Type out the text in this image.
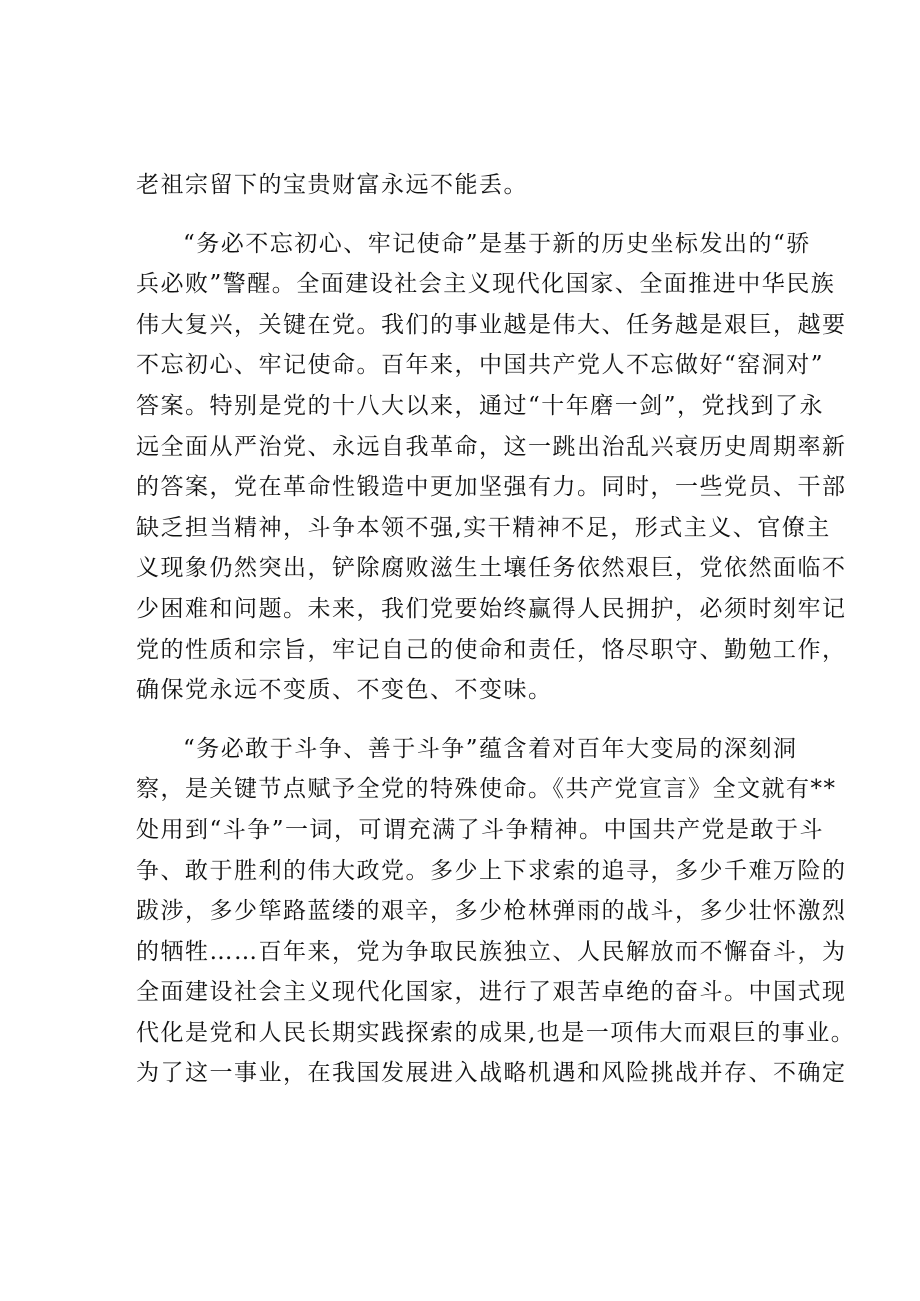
老祖宗留下的宝贵财富永远不能丢。
“务必不忘初心、牢记使命”是基于新的历史坐标发出的“骄
兵必败”警醒。全面建设社会主义现代化国家、全面推进中华民族
伟大复兴，关键在党。我们的事业越是伟大、任务越是艰巨，越要
不忘初心、牢记使命。百年来，中国共产党人不忘做好“窑洞对”
答案。特别是党的十八大以来，通过“十年磨一剑”，党找到了永
远全面从严治党、永远自我革命，这一跳出治乱兴衰历史周期率新
的答案，党在革命性锻造中更加坚强有力。同时，一些党员、干部
缺乏担当精神，斗争本领不强,实干精神不足，形式主义、官僚主
义现象仍然突出，铲除腐败滋生土壤任务依然艰巨，党依然面临不
少困难和问题。未来，我们党要始终赢得人民拥护，必须时刻牢记
党的性质和宗旨，牢记自己的使命和责任，恪尽职守、勤勉工作，
确保党永远不变质、不变色、不变味。
“务必敢于斗争、善于斗争”蕴含着对百年大变局的深刻洞
察，是关键节点赋予全党的特殊使命。《共产党宣言》全文就有**
处用到“斗争”一词，可谓充满了斗争精神。中国共产党是敢于斗
争、敢于胜利的伟大政党。多少上下求索的追寻，多少千难万险的
跋涉，多少筚路蓝缕的艰辛，多少枪林弹雨的战斗，多少壮怀激烈
的牺牲……百年来，党为争取民族独立、人民解放而不懈奋斗，为
全面建设社会主义现代化国家，进行了艰苦卓绝的奋斗。中国式现
代化是党和人民长期实践探索的成果,也是一项伟大而艰巨的事业。
为了这一事业，在我国发展进入战略机遇和风险挑战并存、不确定
